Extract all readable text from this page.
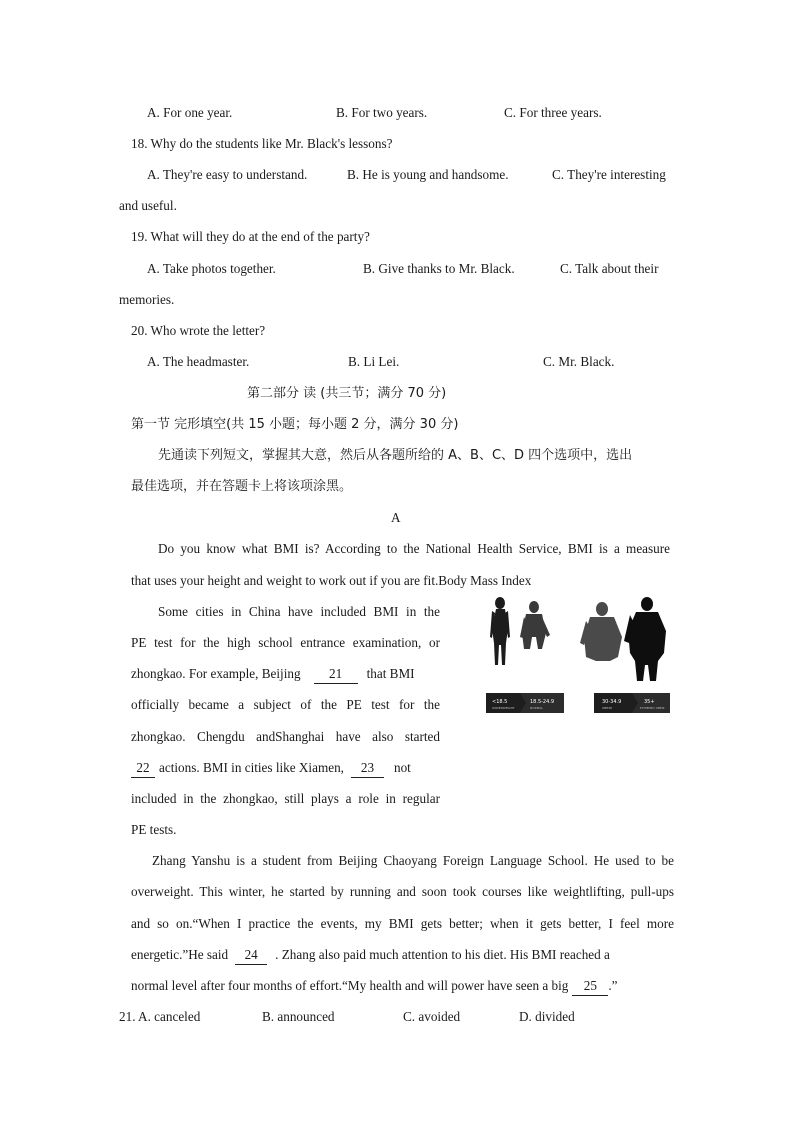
A. For one year.	B. For two years.	C. For three years.
18. Why do the students like Mr. Black's lessons?
A. They're easy to understand.	B. He is young and handsome.	C. They're interesting
and useful.
19. What will they do at the end of the party?
A. Take photos together.	B. Give thanks to Mr. Black.	C. Talk about their
memories.
20. Who wrote the letter?
A. The headmaster.	B. Li Lei.	C. Mr. Black.
第二部分 读 (共三节；满分 70 分)
第一节 完形填空(共 15 小题；每小题 2 分，满分 30 分)
先通读下列短文，掌握其大意，然后从各题所给的 A、B、C、D 四个选项中，选出
最佳选项，并在答题卡上将该项涂黑。
A
Do you know what BMI is? According to the National Health Service, BMI is a measure
that uses your height and weight to work out if you are fit.Body Mass Index
Some cities in China have included BMI in the
PE test for the high school entrance examination, or
zhongkao. For example, Beijing 21 that BMI
officially became a subject of the PE test for the
zhongkao. Chengdu andShanghai have also started
22 actions. BMI in cities like Xiamen, 23 not
included in the zhongkao, still plays a role in regular
PE tests.
<18.5
UNDERWEIGHT
18.5-24.9
NORMAL
30-34.9
OBESE
35+
EXTREMELY OBESE
Zhang Yanshu is a student from Beijing Chaoyang Foreign Language School. He used to be
overweight. This winter, he started by running and soon took courses like weightlifting, pull-ups
and so on.“When I practice the events, my BMI gets better; when it gets better, I feel more
energetic.”He said 24 . Zhang also paid much attention to his diet. His BMI reached a
normal level after four months of effort.“My health and will power have seen a big 25 .”
21. A. canceled	B. announced	C. avoided	D. divided
